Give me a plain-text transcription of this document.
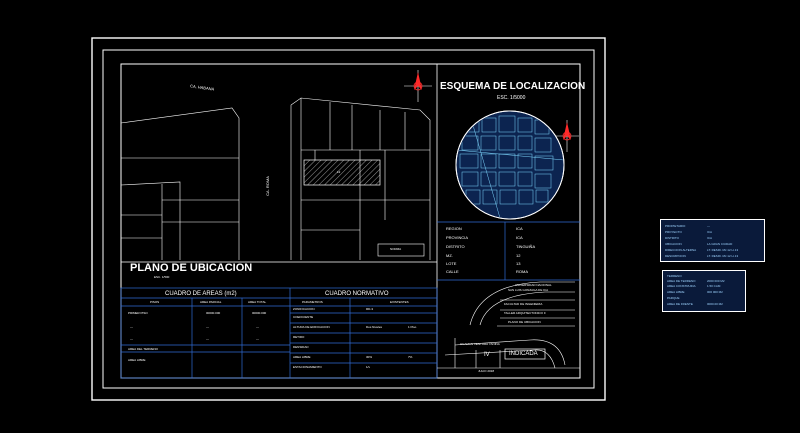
CA. HABANA
CA. ROMA
12
NORMA
PLANO DE UBICACION
ESC. 1/500
ESQUEMA DE LOCALIZACION
ESC. 1/5000
REGION	ICA
PROVINCIA	ICA
DISTRITO	TINGUIÑA
MZ.	12
LOTE	13
CALLE	ROMA
CUADRO DE AREAS (m2)
PISOS	AREA PARCIAL	AREA TOTAL
PRIMER PISO	00000.000	00000.000
---	---	---
---	---	---
AREA DEL TERRENO
AREA LIBRE
CUADRO NORMATIVO
PARAMETROS	EXISTENTES
ZONIFICACION	RD-3
COEFICIENTE
ALTURA DE EDIFICACION	Dos Niveles	1 Piso
RETIRO
DENSIDAD
AREA LIBRE	30%	7%
ESTACIONAMIENTO	1/v
UNIVERSIDAD NACIONAL
SAN LUIS GONZAGA DE ICA
FACULTAD DE INGENIERIA
TALLER ARQUITECTONICO II
PLANO DE UBICACION
HUAMAN VENTURA YANINA
IV	INDICADA
JULIO 2018
PROPIETARIO	---
PROYECTO	ICA
DISTRITO	ICA
UBICACION	LA GRAN CIUDAD
DIRECCION ALTERNA	LT. RESID. Mz.12 Lt.13
DESCRIPCION	LT. RESID. Mz.12 Lt.13
TERRENO
AREA DE TERRENO	2000 000 M2
AREA CONSTRUIDA	1.50 CAM
AREA LIBRE	000 000 M2
PARQUE
AREA DE FRENTE	0000.00 M2
